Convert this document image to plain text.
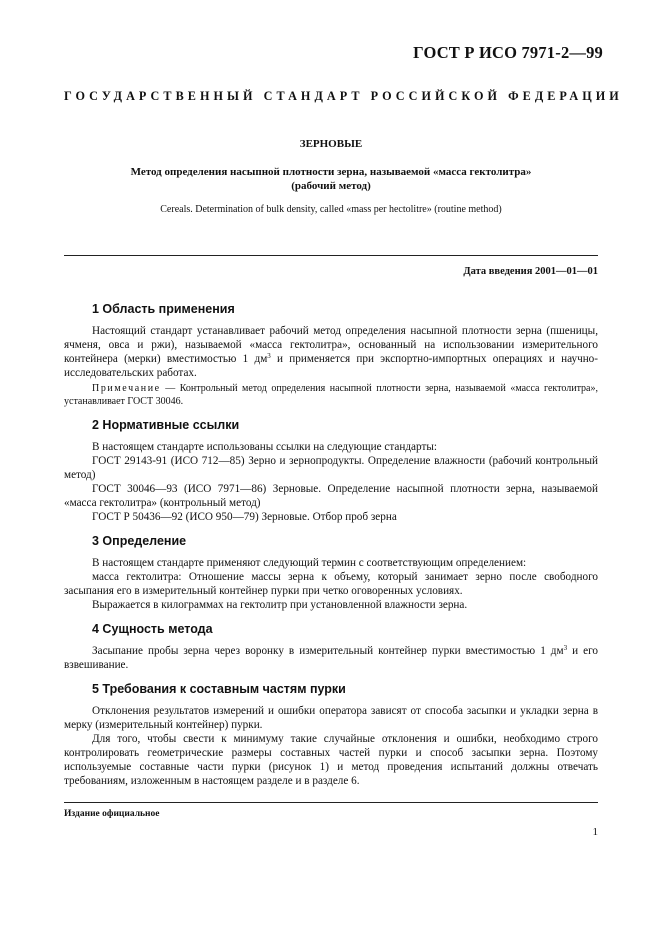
ГОСТ Р ИСО 7971-2—99
ГОСУДАРСТВЕННЫЙ СТАНДАРТ РОССИЙСКОЙ ФЕДЕРАЦИИ
ЗЕРНОВЫЕ
Метод определения насыпной плотности зерна, называемой «масса гектолитра»
(рабочий метод)
Cereals. Determination of bulk density, called «mass per hectolitre» (routine method)
Дата введения 2001—01—01
1 Область применения

Настоящий стандарт устанавливает рабочий метод определения насыпной плотности зерна (пшеницы, ячменя, овса и ржи), называемой «масса гектолитра», основанный на использовании измерительного контейнера (мерки) вместимостью 1 $дм^3$ и применяется при экспортно-импортных операциях и научно-исследовательских работах.

Примечание — Контрольный метод определения насыпной плотности зерна, называемой «масса гектолитра», устанавливает ГОСТ 30046.

2 Нормативные ссылки

В настоящем стандарте использованы ссылки на следующие стандарты:

ГОСТ 29143-91 (ИСО 712—85) Зерно и зернопродукты. Определение влажности (рабочий контрольный метод)

ГОСТ 30046—93 (ИСО 7971—86) Зерновые. Определение насыпной плотности зерна, называемой «масса гектолитра» (контрольный метод)

ГОСТ Р 50436—92 (ИСО 950—79) Зерновые. Отбор проб зерна

3 Определение

В настоящем стандарте применяют следующий термин с соответствующим определением:

масса гектолитра: Отношение массы зерна к объему, который занимает зерно после свободного засыпания его в измерительный контейнер пурки при четко оговоренных условиях.

Выражается в килограммах на гектолитр при установленной влажности зерна.

4 Сущность метода

Засыпание пробы зерна через воронку в измерительный контейнер пурки вместимостью 1 $дм^3$ и его взвешивание.

5 Требования к составным частям пурки

Отклонения результатов измерений и ошибки оператора зависят от способа засыпки и укладки зерна в мерку (измерительный контейнер) пурки.

Для того, чтобы свести к минимуму такие случайные отклонения и ошибки, необходимо строго контролировать геометрические размеры составных частей пурки и способ засыпки зерна. Поэтому используемые составные части пурки (рисунок 1) и метод проведения испытаний должны отвечать требованиям, изложенным в настоящем разделе и в разделе 6.

Издание официальное
1
